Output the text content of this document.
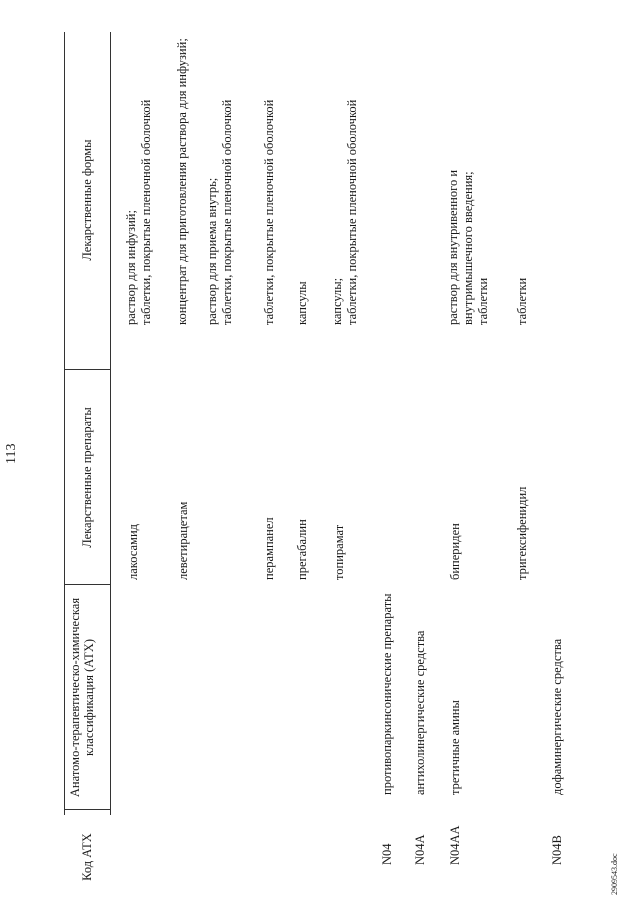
113
Код АТХ
Анатомо-терапевтическо-химическая классификация (АТХ)
Лекарственные препараты
Лекарственные формы
лакосамид
раствор для инфузий; таблетки, покрытые пленочной оболочкой
леветирацетам
концентрат для приготовления раствора для инфузий; раствор для приема внутрь; таблетки, покрытые пленочной оболочкой
перампанел
таблетки, покрытые пленочной оболочкой
прегабалин
капсулы
топирамат
капсулы; таблетки, покрытые пленочной оболочкой
N04
противопаркинсонические препараты
N04A
антихолинергические средства
N04AA
третичные амины
бипериден
раствор для внутривенного и внутримышечного введения; таблетки
тригексифенидил
таблетки
N04B
дофаминергические средства
2909543.doc
